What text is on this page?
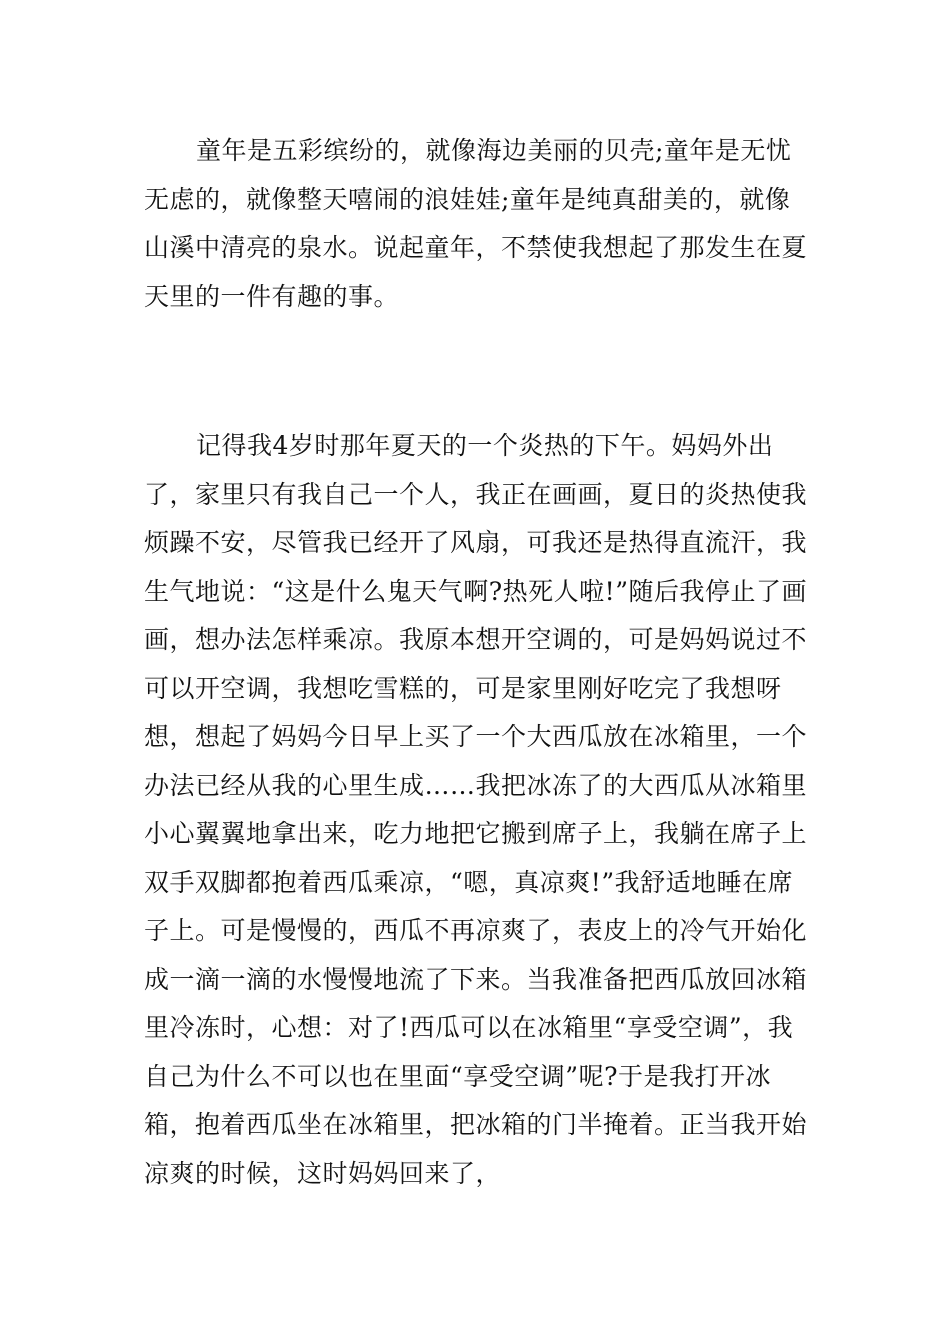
童年是五彩缤纷的，就像海边美丽的贝壳;童年是无忧无虑的，就像整天嘻闹的浪娃娃;童年是纯真甜美的，就像山溪中清亮的泉水。说起童年，不禁使我想起了那发生在夏天里的一件有趣的事。

记得我4岁时那年夏天的一个炎热的下午。妈妈外出了，家里只有我自己一个人，我正在画画，夏日的炎热使我烦躁不安，尽管我已经开了风扇，可我还是热得直流汗，我生气地说：“这是什么鬼天气啊?热死人啦!”随后我停止了画画，想办法怎样乘凉。我原本想开空调的，可是妈妈说过不可以开空调，我想吃雪糕的，可是家里刚好吃完了我想呀想，想起了妈妈今日早上买了一个大西瓜放在冰箱里，一个办法已经从我的心里生成……我把冰冻了的大西瓜从冰箱里小心翼翼地拿出来，吃力地把它搬到席子上，我躺在席子上双手双脚都抱着西瓜乘凉，“嗯，真凉爽!”我舒适地睡在席子上。可是慢慢的，西瓜不再凉爽了，表皮上的冷气开始化成一滴一滴的水慢慢地流了下来。当我准备把西瓜放回冰箱里冷冻时，心想：对了!西瓜可以在冰箱里“享受空调”，我自己为什么不可以也在里面“享受空调”呢?于是我打开冰箱，抱着西瓜坐在冰箱里，把冰箱的门半掩着。正当我开始凉爽的时候，这时妈妈回来了，
